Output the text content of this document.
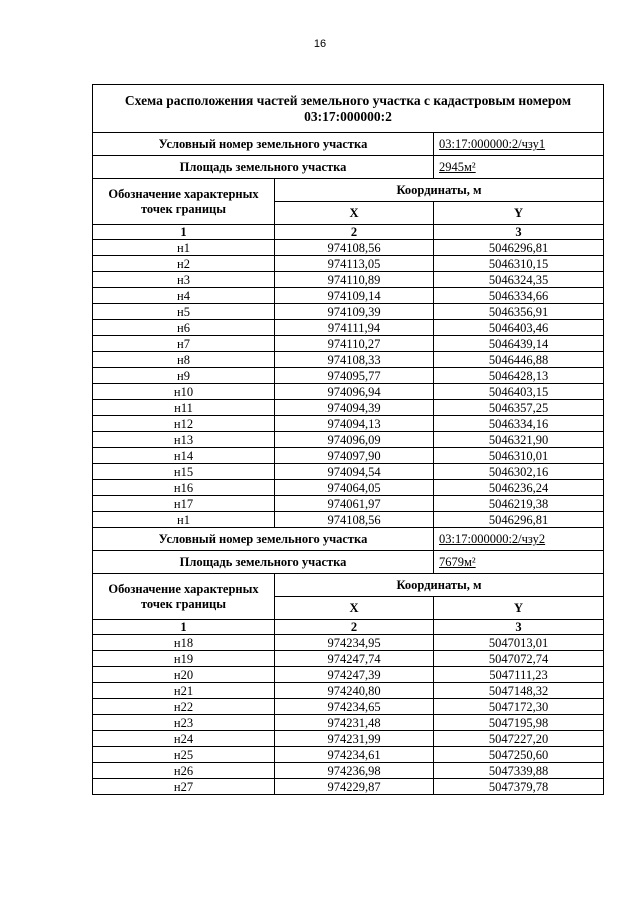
16
Схема расположения частей земельного участка с кадастровым номером
03:17:000000:2		
Условный номер земельного участка		03:17:000000:2/чзу1
Площадь земельного участка		2945м²
Обозначение характерных точек границы	Координаты, м	
	X	Y
1	2	3
н1	974108,56	5046296,81
н2	974113,05	5046310,15
н3	974110,89	5046324,35
н4	974109,14	5046334,66
н5	974109,39	5046356,91
н6	974111,94	5046403,46
н7	974110,27	5046439,14
н8	974108,33	5046446,88
н9	974095,77	5046428,13
н10	974096,94	5046403,15
н11	974094,39	5046357,25
н12	974094,13	5046334,16
н13	974096,09	5046321,90
н14	974097,90	5046310,01
н15	974094,54	5046302,16
н16	974064,05	5046236,24
н17	974061,97	5046219,38
н1	974108,56	5046296,81
Условный номер земельного участка		03:17:000000:2/чзу2
Площадь земельного участка		7679м²
Обозначение характерных точек границы	Координаты, м	
	X	Y
1	2	3
н18	974234,95	5047013,01
н19	974247,74	5047072,74
н20	974247,39	5047111,23
н21	974240,80	5047148,32
н22	974234,65	5047172,30
н23	974231,48	5047195,98
н24	974231,99	5047227,20
н25	974234,61	5047250,60
н26	974236,98	5047339,88
н27	974229,87	5047379,78
